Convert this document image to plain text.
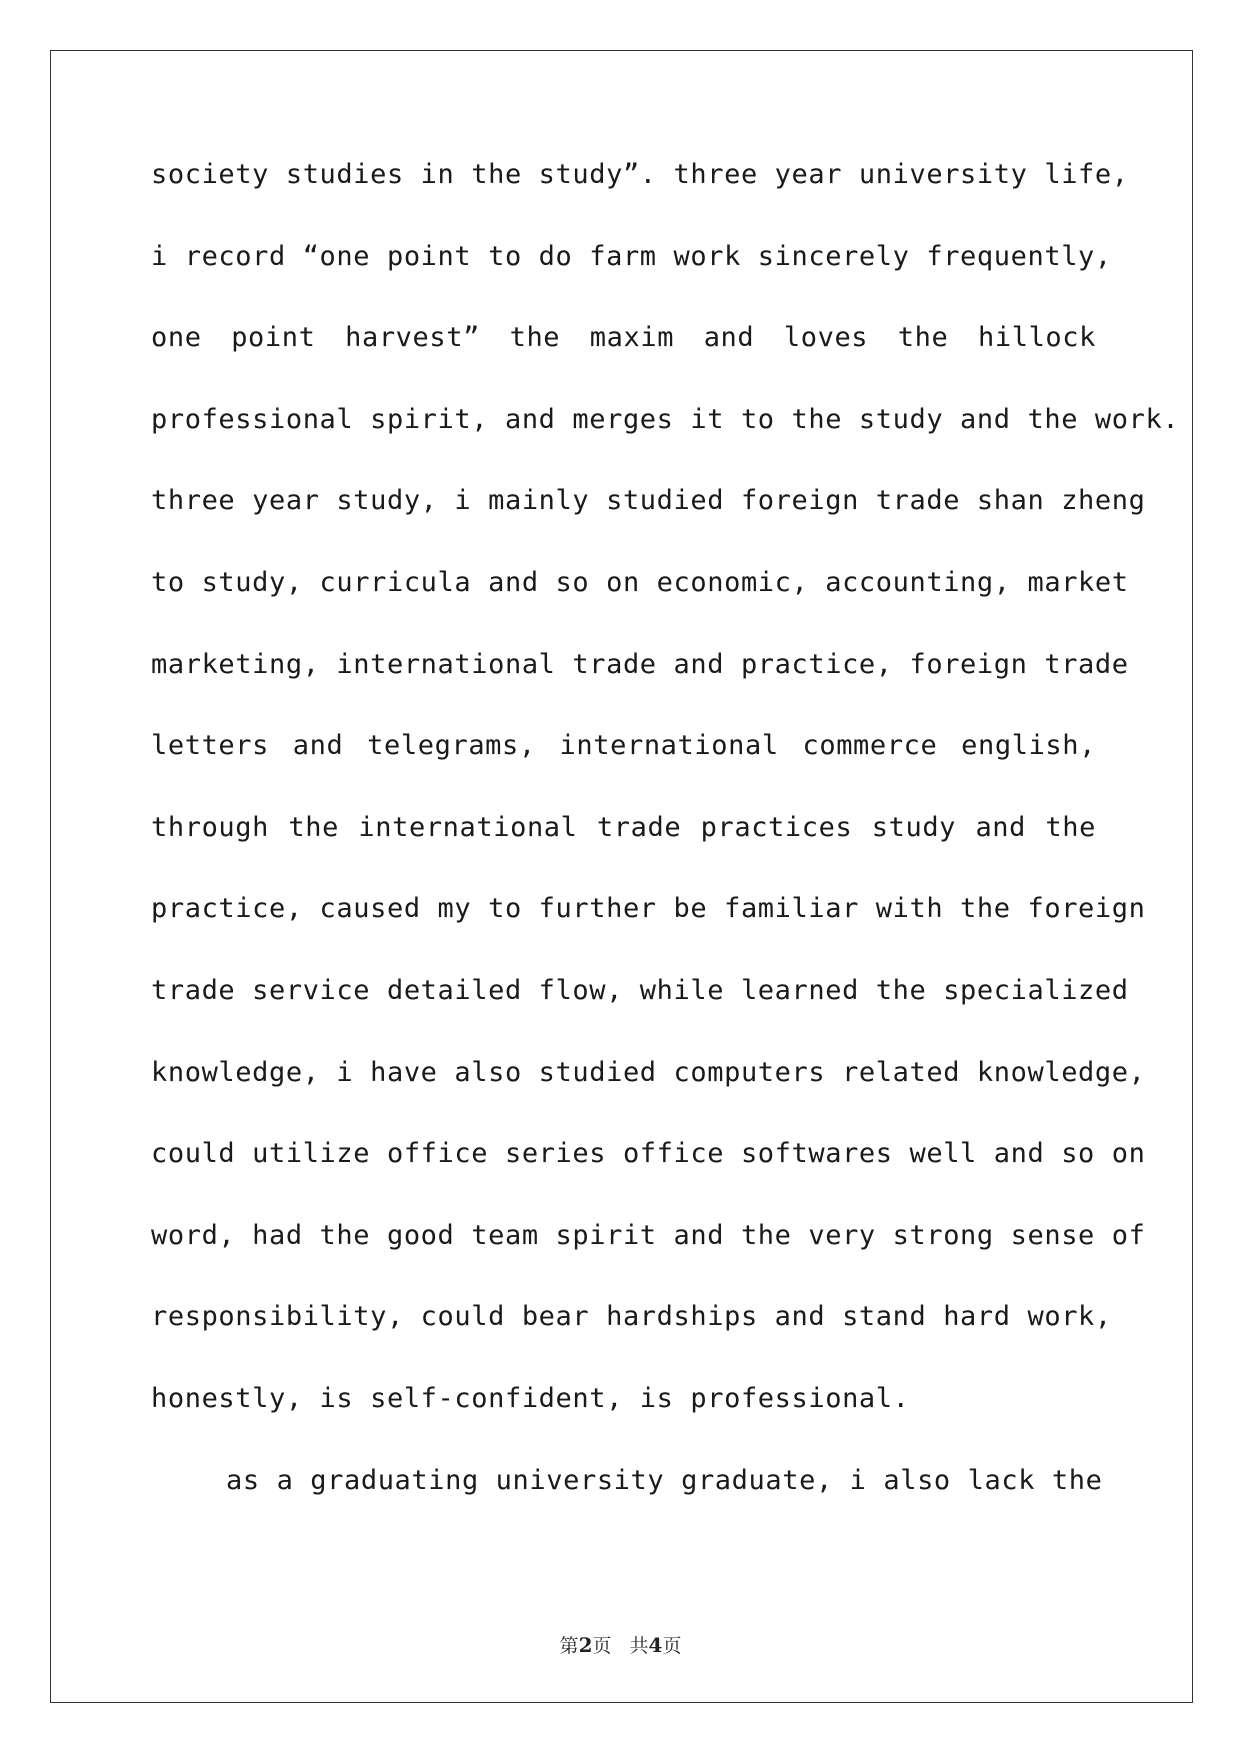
society studies in the study”. three year university life,
i record “one point to do farm work sincerely frequently,
one point harvest” the maxim and loves the hillock
professional spirit, and merges it to the study and the work.
three year study, i mainly studied foreign trade shan zheng
to study, curricula and so on economic, accounting, market
marketing, international trade and practice, foreign trade
letters and telegrams, international commerce english,
through the international trade practices study and the
practice, caused my to further be familiar with the foreign
trade service detailed flow, while learned the specialized
knowledge, i have also studied computers related knowledge,
could utilize office series office softwares well and so on
word, had the good team spirit and the very strong sense of
responsibility, could bear hardships and stand hard work,
honestly, is self-confident, is professional.
as a graduating university graduate, i also lack the
第2页 共4页
